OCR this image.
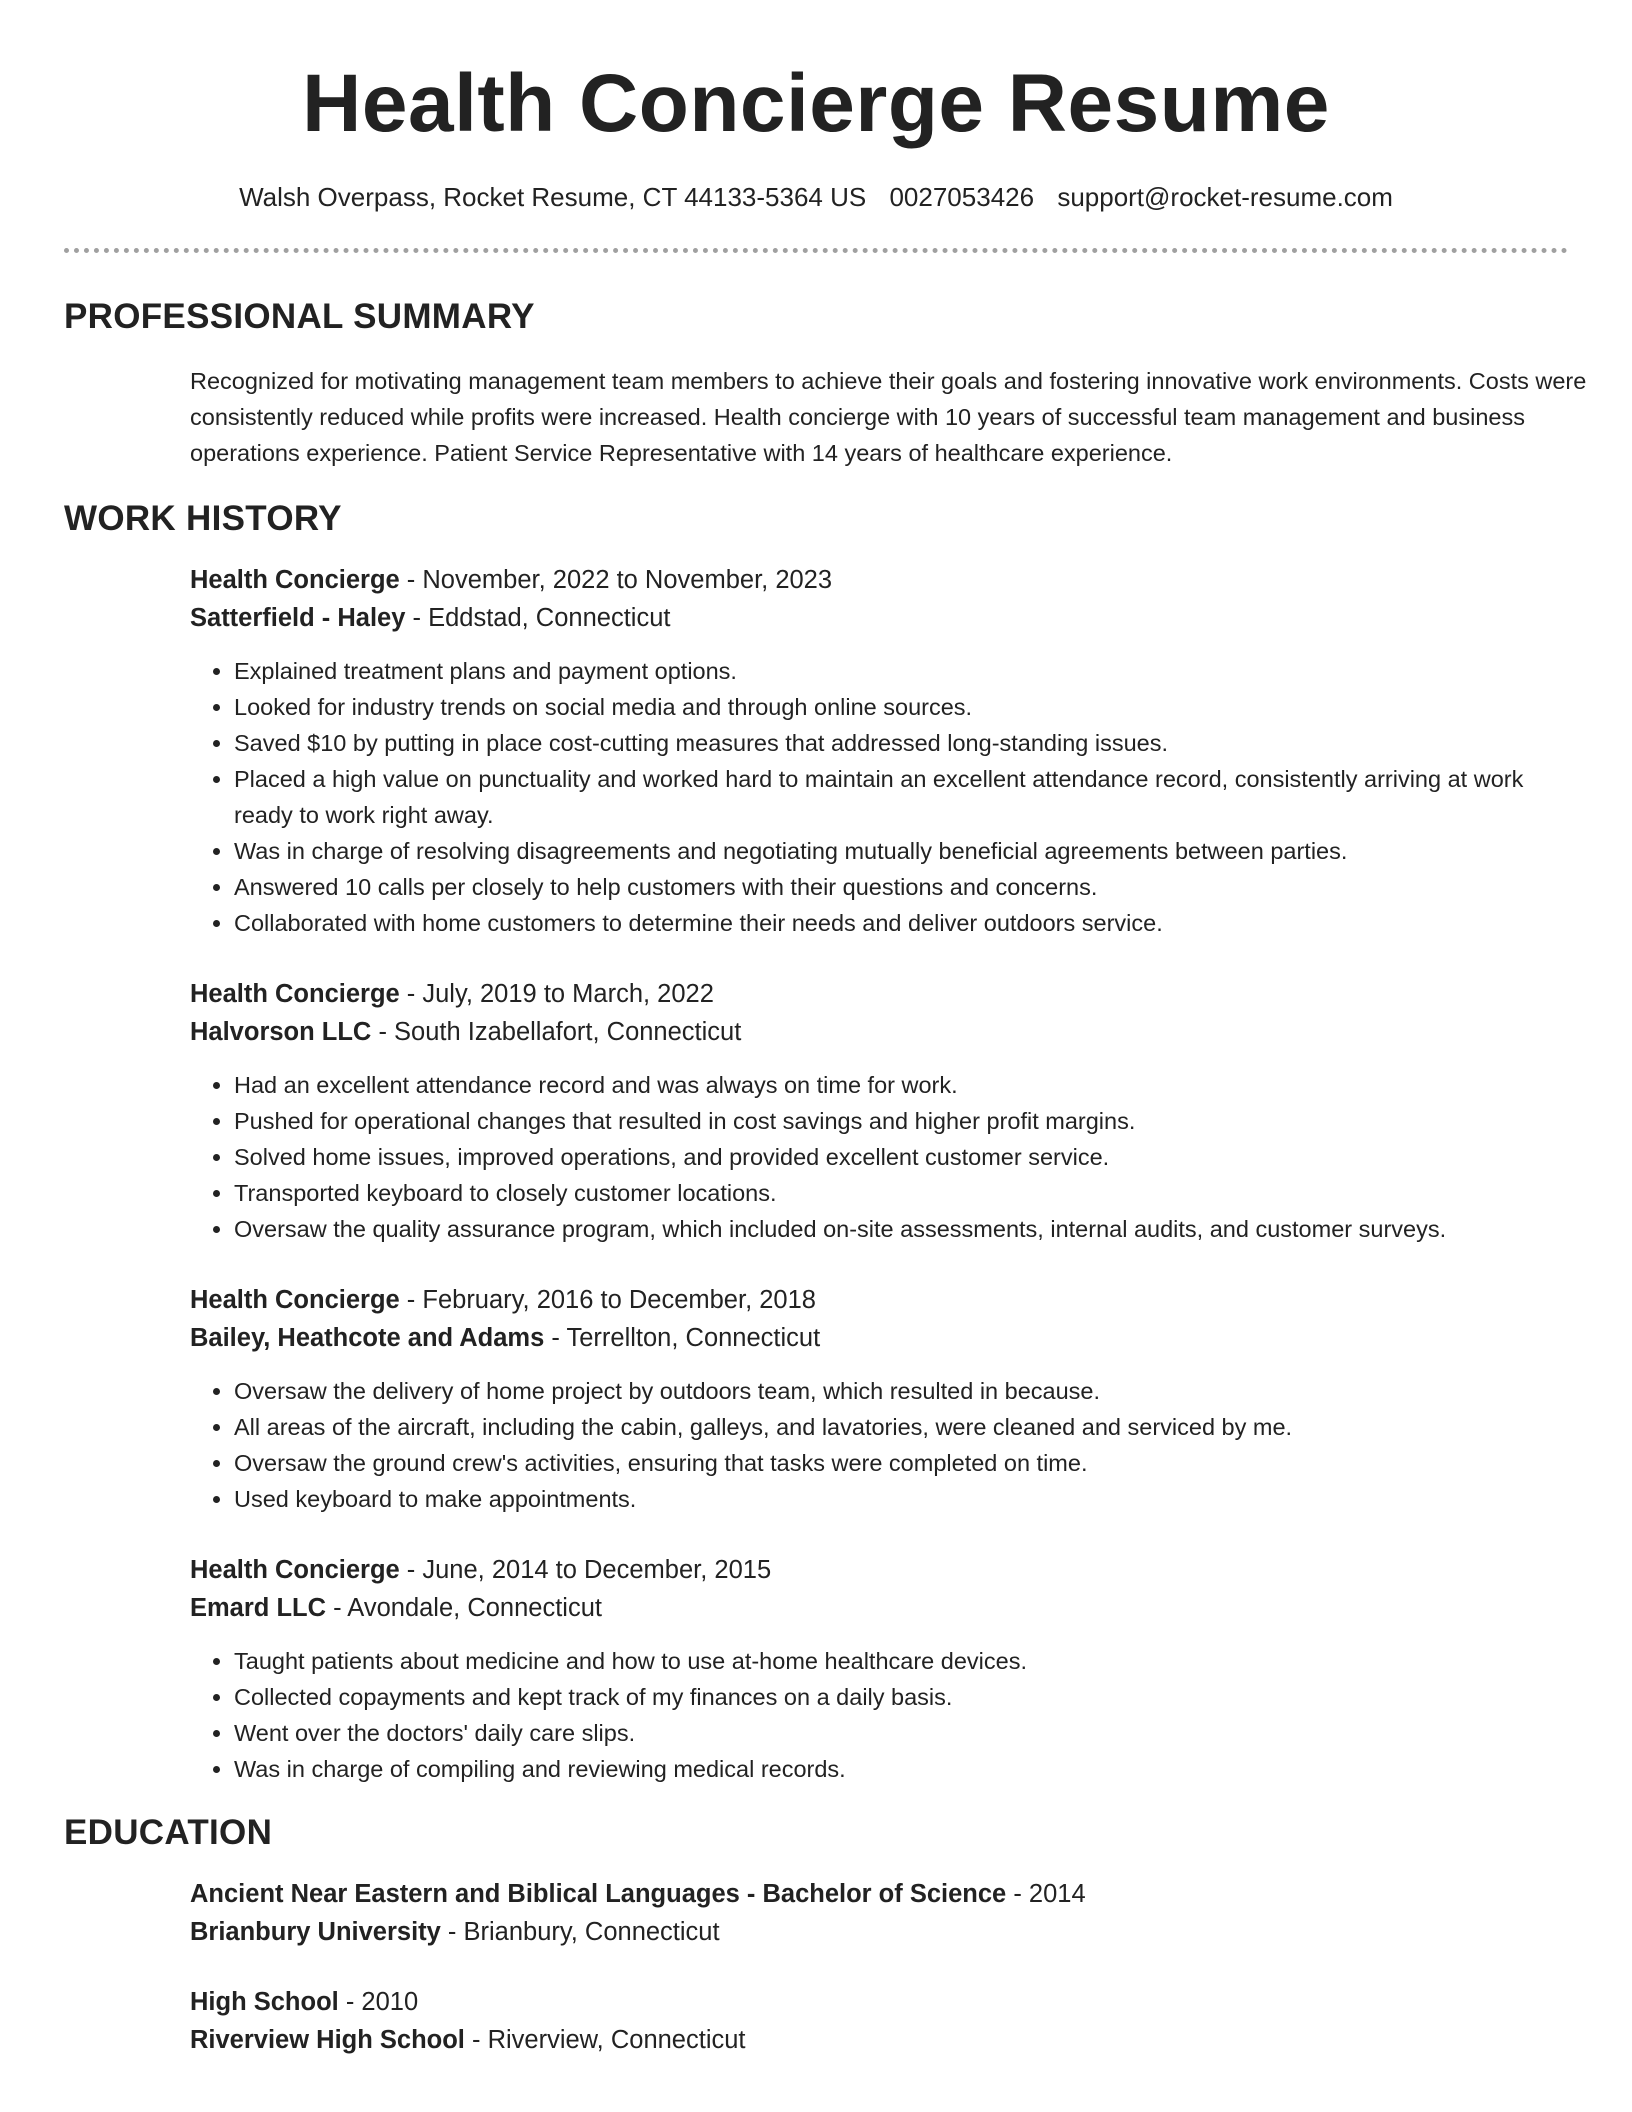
Health Concierge Resume
Walsh Overpass, Rocket Resume, CT 44133-5364 US 0027053426 support@rocket-resume.com
PROFESSIONAL SUMMARY

Recognized for motivating management team members to achieve their goals and fostering innovative work environments. Costs were consistently reduced while profits were increased. Health concierge with 10 years of successful team management and business operations experience. Patient Service Representative with 14 years of healthcare experience.

WORK HISTORY
Health Concierge - November, 2022 to November, 2023
Satterfield - Haley - Eddstad, Connecticut
• Explained treatment plans and payment options.
• Looked for industry trends on social media and through online sources.
• Saved $10 by putting in place cost-cutting measures that addressed long-standing issues.
• Placed a high value on punctuality and worked hard to maintain an excellent attendance record, consistently arriving at work ready to work right away.
• Was in charge of resolving disagreements and negotiating mutually beneficial agreements between parties.
• Answered 10 calls per closely to help customers with their questions and concerns.
• Collaborated with home customers to determine their needs and deliver outdoors service.
Health Concierge - July, 2019 to March, 2022
Halvorson LLC - South Izabellafort, Connecticut
• Had an excellent attendance record and was always on time for work.
• Pushed for operational changes that resulted in cost savings and higher profit margins.
• Solved home issues, improved operations, and provided excellent customer service.
• Transported keyboard to closely customer locations.
• Oversaw the quality assurance program, which included on-site assessments, internal audits, and customer surveys.
Health Concierge - February, 2016 to December, 2018
Bailey, Heathcote and Adams - Terrellton, Connecticut
• Oversaw the delivery of home project by outdoors team, which resulted in because.
• All areas of the aircraft, including the cabin, galleys, and lavatories, were cleaned and serviced by me.
• Oversaw the ground crew's activities, ensuring that tasks were completed on time.
• Used keyboard to make appointments.
Health Concierge - June, 2014 to December, 2015
Emard LLC - Avondale, Connecticut
• Taught patients about medicine and how to use at-home healthcare devices.
• Collected copayments and kept track of my finances on a daily basis.
• Went over the doctors' daily care slips.
• Was in charge of compiling and reviewing medical records.
EDUCATION
Ancient Near Eastern and Biblical Languages - Bachelor of Science - 2014
Brianbury University - Brianbury, Connecticut
High School - 2010
Riverview High School - Riverview, Connecticut
